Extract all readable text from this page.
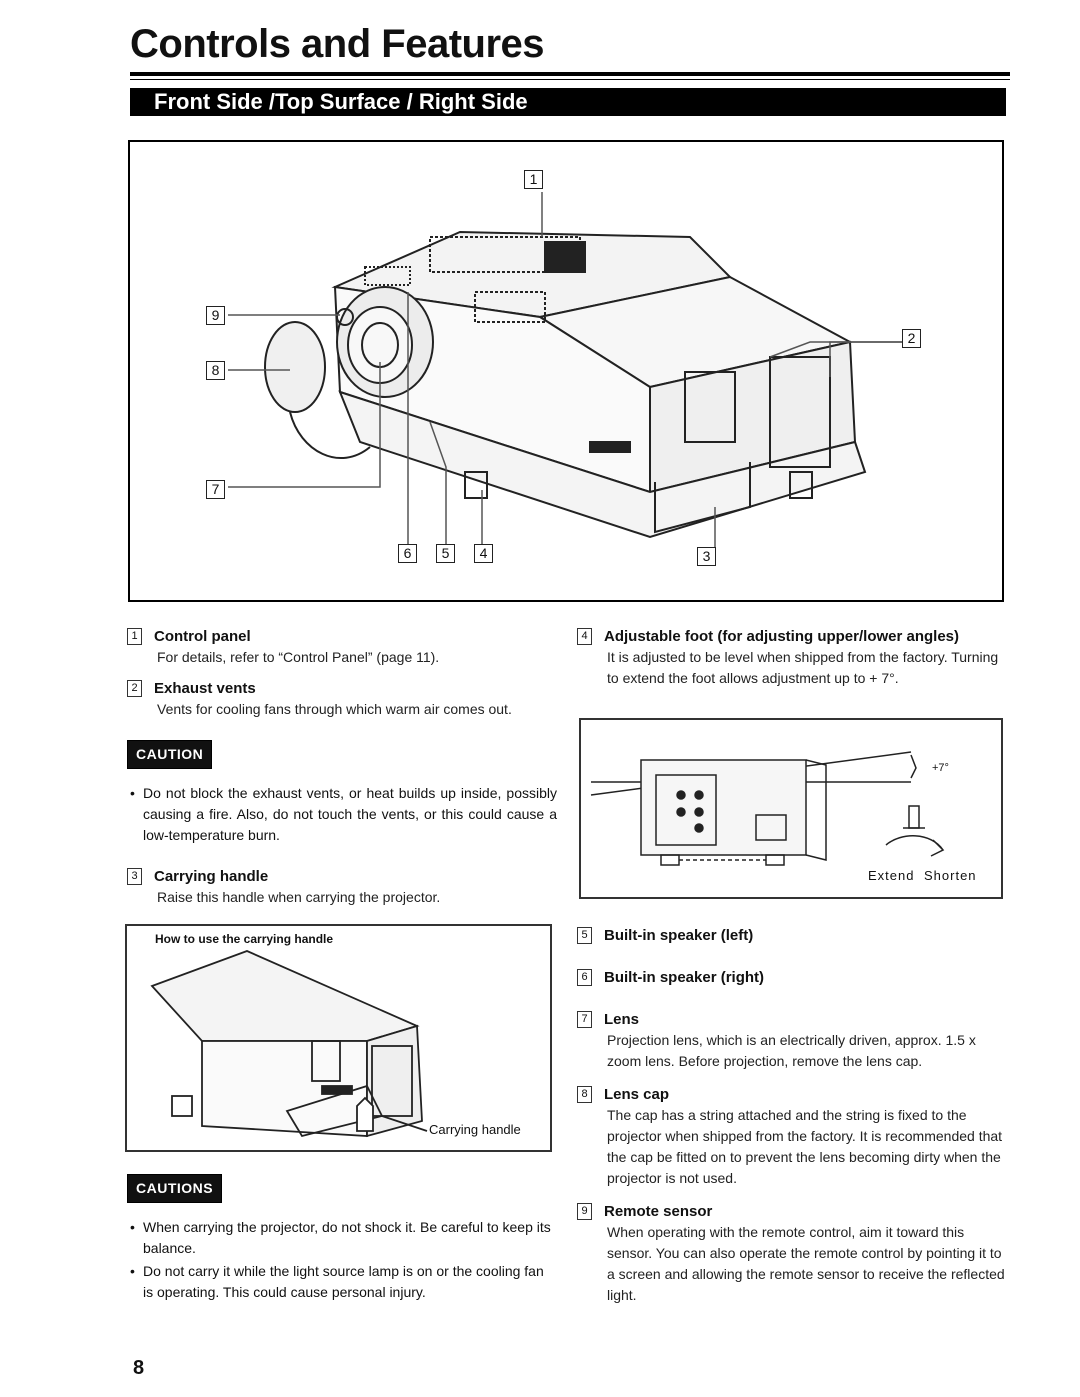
Controls and Features
Front Side /Top Surface / Right Side
1
2
3
4
5
6
7
8
9
1 Control panel
For details, refer to “Control Panel” (page 11).
2 Exhaust vents
Vents for cooling fans through which warm air comes out.
CAUTION
• Do not block the exhaust vents, or heat builds up inside, possibly causing a fire. Also, do not touch the vents, or this could cause a low-temperature burn.
3 Carrying handle
Raise this handle when carrying the projector.
How to use the carrying handle
Carrying handle
CAUTIONS
• When carrying the projector, do not shock it. Be careful to keep its balance.
• Do not carry it while the light source lamp is on or the cooling fan is operating. This could cause personal injury.
4 Adjustable foot (for adjusting upper/lower angles)
It is adjusted to be level when shipped from the factory. Turning to extend the foot allows adjustment up to + 7°.
+7°
Extend Shorten
5 Built-in speaker (left)
6 Built-in speaker (right)
7 Lens
Projection lens, which is an electrically driven, approx. 1.5 x zoom lens. Before projection, remove the lens cap.
8 Lens cap
The cap has a string attached and the string is fixed to the projector when shipped from the factory. It is recommended that the cap be fitted on to prevent the lens becoming dirty when the projector is not used.
9 Remote sensor
When operating with the remote control, aim it toward this sensor. You can also operate the remote control by pointing it to a screen and allowing the remote sensor to receive the reflected light.
8
